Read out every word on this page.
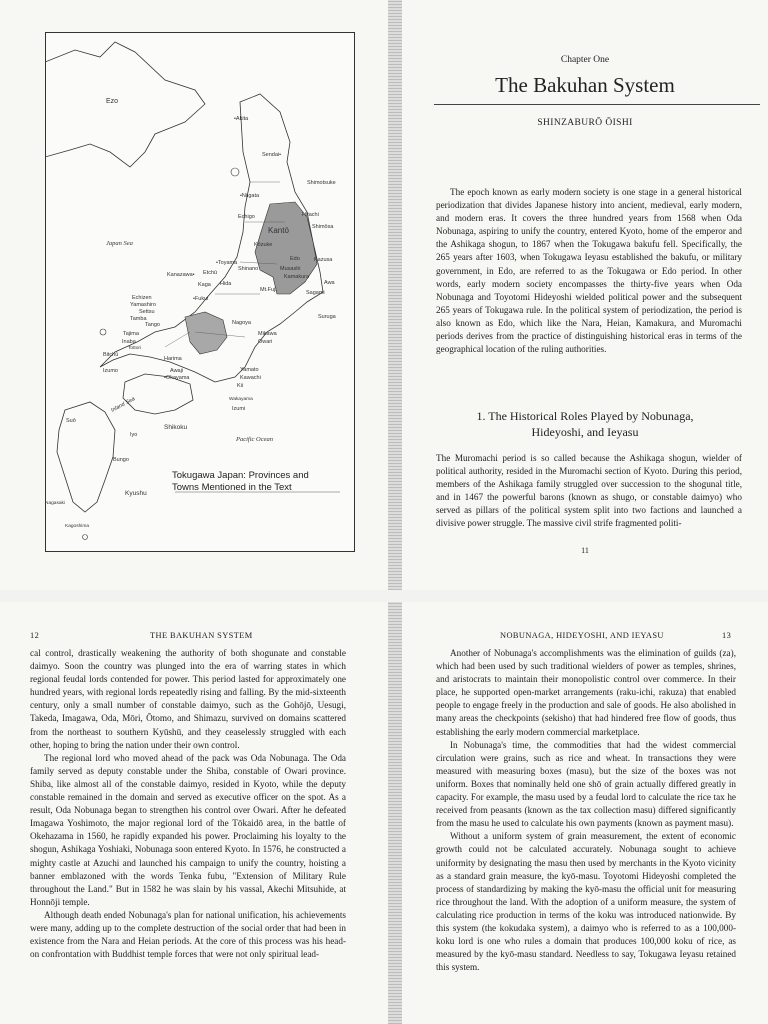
Ezo
•Akita
Sendai•
Shimotsuke
•Niigata
Echigo	Hitachi
Shimōsa
Kantō
Kōzuke
Edo	Kazusa
Japan Sea
•Toyama
Shinano	Musashi
Kamakura
Awa
Sagami
Kanazawa• Etchū
Kaga Hida
Mt.Fuji
Echizen
Yamashiro
•Fukui
Settsu
Tamba
Tango
Suruga
Tajima
Inaba
Tottori
Bitchū
Nagoya
Mikawa
Owari
Izumo
Harima
Awaji
•Okayama
Yamato
Kawachi
Kii
Wakayama
Izumi
Inland Sea
Suō
Iyo
Shikoku
Bungo
Pacific Ocean
Kyushu
Nagasaki
Kagoshima
Tokugawa Japan: Provinces and
Towns Mentioned in the Text
Chapter One
The Bakuhan System
SHINZABURŌ ŌISHI

The epoch known as early modern society is one stage in a general historical periodization that divides Japanese history into ancient, medieval, early modern, and modern eras. It covers the three hundred years from 1568 when Oda Nobunaga, aspiring to unify the country, entered Kyoto, home of the emperor and the Ashikaga shogun, to 1867 when the Tokugawa bakufu fell. Specifically, the 265 years after 1603, when Tokugawa Ieyasu established the bakufu, or military government, in Edo, are referred to as the Tokugawa or Edo period. In other words, early modern society encompasses the thirty-five years when Oda Nobunaga and Toyotomi Hideyoshi wielded political power and the subsequent 265 years of Tokugawa rule. In the political system of periodization, the period is also known as Edo, which like the Nara, Heian, Kamakura, and Muromachi periods derives from the practice of distinguishing historical eras in terms of the geographical location of the ruling authorities.

1. The Historical Roles Played by Nobunaga,
Hideyoshi, and Ieyasu

The Muromachi period is so called because the Ashikaga shogun, wielder of political authority, resided in the Muromachi section of Kyoto. During this period, members of the Ashikaga family struggled over succession to the shogunal title, and in 1467 the powerful barons (known as shugo, or constable daimyo) who served as pillars of the political system split into two factions and launched a divisive power struggle. The massive civil strife fragmented politi-

11
12	THE BAKUHAN SYSTEM

cal control, drastically weakening the authority of both shogunate and constable daimyo. Soon the country was plunged into the era of warring states in which regional feudal lords contended for power. This period lasted for approximately one hundred years, with regional lords repeatedly rising and falling. By the mid-sixteenth century, only a small number of constable daimyo, such as the Gohōjō, Uesugi, Takeda, Imagawa, Oda, Mōri, Ōtomo, and Shimazu, survived on domains scattered from the northeast to southern Kyūshū, and they ceaselessly struggled with each other, hoping to bring the nation under their own control.

The regional lord who moved ahead of the pack was Oda Nobunaga. The Oda family served as deputy constable under the Shiba, constable of Owari province. Shiba, like almost all of the constable daimyo, resided in Kyoto, while the deputy constable remained in the domain and served as executive officer on the spot. As a result, Oda Nobunaga began to strengthen his control over Owari. After he defeated Imagawa Yoshimoto, the major regional lord of the Tōkaidō area, in the battle of Okehazama in 1560, he rapidly expanded his power. Proclaiming his loyalty to the shogun, Ashikaga Yoshiaki, Nobunaga soon entered Kyoto. In 1576, he constructed a mighty castle at Azuchi and launched his campaign to unify the country, hoisting a banner emblazoned with the words Tenka fubu, "Extension of Military Rule throughout the Land." But in 1582 he was slain by his vassal, Akechi Mitsuhide, at Honnōji temple.

Although death ended Nobunaga's plan for national unification, his achievements were many, adding up to the complete destruction of the social order that had been in existence from the Nara and Heian periods. At the core of this process was his head-on confrontation with Buddhist temple forces that were not only spiritual lead-

NOBUNAGA, HIDEYOSHI, AND IEYASU	13

Another of Nobunaga's accomplishments was the elimination of guilds (za), which had been used by such traditional wielders of power as temples, shrines, and aristocrats to maintain their monopolistic control over commerce. In their place, he supported open-market arrangements (raku-ichi, rakuza) that enabled people to engage freely in the production and sale of goods. He also abolished in many areas the checkpoints (sekisho) that had hindered free flow of goods, thus establishing the early modern commercial marketplace.

In Nobunaga's time, the commodities that had the widest commercial circulation were grains, such as rice and wheat. In transactions they were measured with measuring boxes (masu), but the size of the boxes was not uniform. Boxes that nominally held one shō of grain actually differed greatly in capacity. For example, the masu used by a feudal lord to calculate the rice tax he received from peasants (known as the tax collection masu) differed significantly from the masu he used to calculate his own payments (known as payment masu).

Without a uniform system of grain measurement, the extent of economic growth could not be calculated accurately. Nobunaga sought to achieve uniformity by designating the masu then used by merchants in the Kyoto vicinity as a standard grain measure, the kyō-masu. Toyotomi Hideyoshi completed the process of standardizing by making the kyō-masu the official unit for measuring rice throughout the land. With the adoption of a uniform measure, the system of calculating rice production in terms of the koku was introduced nationwide. By this system (the kokudaka system), a daimyo who is referred to as a 100,000-koku lord is one who rules a domain that produces 100,000 koku of rice, as measured by the kyō-masu standard. Needless to say, Tokugawa Ieyasu retained this system.
